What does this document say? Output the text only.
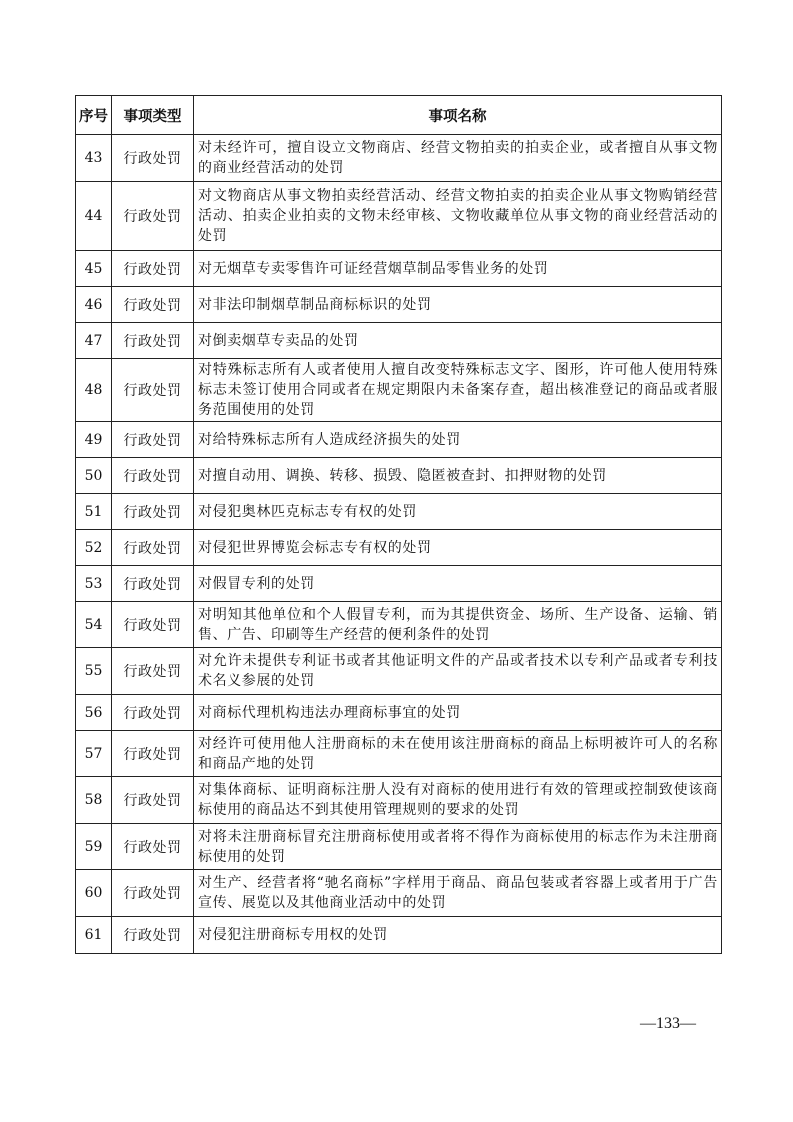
序号	事项类型	事项名称
43	行政处罚	对未经许可，擅自设立文物商店、经营文物拍卖的拍卖企业，或者擅自从事文物的商业经营活动的处罚
44	行政处罚	对文物商店从事文物拍卖经营活动、经营文物拍卖的拍卖企业从事文物购销经营活动、拍卖企业拍卖的文物未经审核、文物收藏单位从事文物的商业经营活动的处罚
45	行政处罚	对无烟草专卖零售许可证经营烟草制品零售业务的处罚
46	行政处罚	对非法印制烟草制品商标标识的处罚
47	行政处罚	对倒卖烟草专卖品的处罚
48	行政处罚	对特殊标志所有人或者使用人擅自改变特殊标志文字、图形，许可他人使用特殊标志未签订使用合同或者在规定期限内未备案存查，超出核准登记的商品或者服务范围使用的处罚
49	行政处罚	对给特殊标志所有人造成经济损失的处罚
50	行政处罚	对擅自动用、调换、转移、损毁、隐匿被查封、扣押财物的处罚
51	行政处罚	对侵犯奥林匹克标志专有权的处罚
52	行政处罚	对侵犯世界博览会标志专有权的处罚
53	行政处罚	对假冒专利的处罚
54	行政处罚	对明知其他单位和个人假冒专利，而为其提供资金、场所、生产设备、运输、销售、广告、印刷等生产经营的便利条件的处罚
55	行政处罚	对允许未提供专利证书或者其他证明文件的产品或者技术以专利产品或者专利技术名义参展的处罚
56	行政处罚	对商标代理机构违法办理商标事宜的处罚
57	行政处罚	对经许可使用他人注册商标的未在使用该注册商标的商品上标明被许可人的名称和商品产地的处罚
58	行政处罚	对集体商标、证明商标注册人没有对商标的使用进行有效的管理或控制致使该商标使用的商品达不到其使用管理规则的要求的处罚
59	行政处罚	对将未注册商标冒充注册商标使用或者将不得作为商标使用的标志作为未注册商标使用的处罚
60	行政处罚	对生产、经营者将“驰名商标”字样用于商品、商品包装或者容器上或者用于广告宣传、展览以及其他商业活动中的处罚
61	行政处罚	对侵犯注册商标专用权的处罚
—133—
